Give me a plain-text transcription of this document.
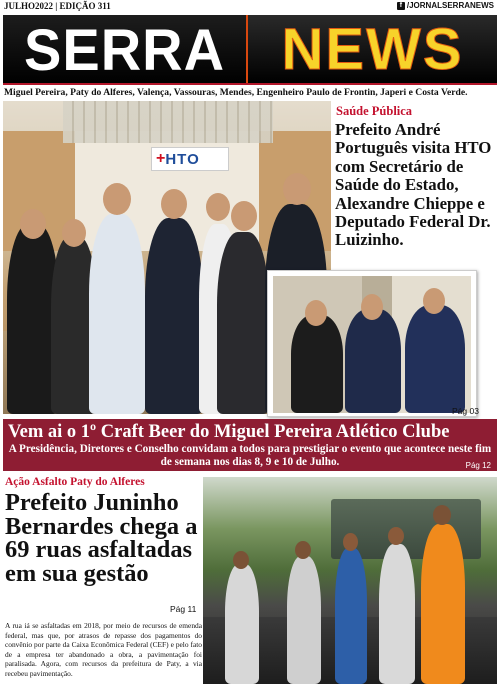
JULHO2022 | EDIÇÃO 311	f /JORNALSERRANEWS
SERRA NEWS
Miguel Pereira, Paty do Alferes, Valença, Vassouras, Mendes, Engenheiro Paulo de Frontin, Japeri e Costa Verde.
+ HTO
Saúde Pública
Prefeito André Português visita HTO com Secretário de Saúde do Estado, Alexandre Chieppe e Deputado Federal Dr. Luizinho.
Pág 03
Vem ai o 1º Craft Beer do Miguel Pereira Atlético Clube
A Presidência, Diretores e Conselho convidam a todos para prestigiar o evento que acontece neste fim de semana nos dias 8, 9 e 10 de Julho.	Pág 12
Ação Asfalto Paty do Alferes
Prefeito Juninho Bernardes chega a 69 ruas asfaltadas em sua gestão
Pág 11
A rua iá se asfaltadas em 2018, por meio de recursos de emenda federal, mas que, por atrasos de repasse dos pagamentos do convênio por parte da Caixa Econômica Federal (CEF) e pelo fato de a empresa ter abandonado a obra, a pavimentação foi paralisada. Agora, com recursos da prefeitura de Paty, a via recebeu pavimentação.
